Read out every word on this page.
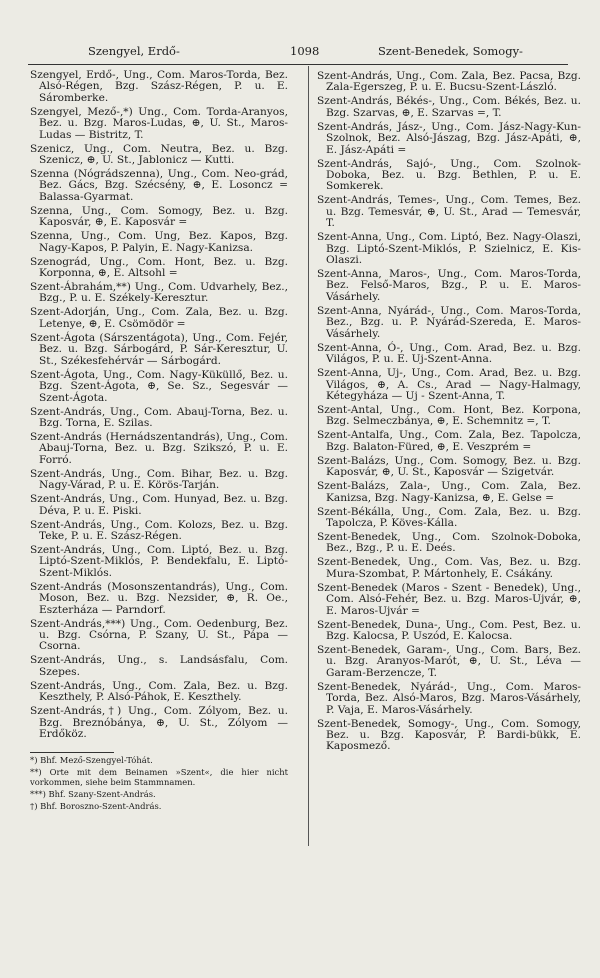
Szengyel, Erdő-	1098	Szent-Benedek, Somogy-

Szengyel, Erdő-, Ung., Com. Maros-Torda, Bez. Alsó-Régen, Bzg. Szász-Régen, P. u. E. Sáromberke.

Szengyel, Mező-,*) Ung., Com. Torda-Aranyos, Bez. u. Bzg. Maros-Ludas, ⊕, U. St., Maros-Ludas — Bistritz, T.

Szenicz, Ung., Com. Neutra, Bez. u. Bzg. Szenicz, ⊕, U. St., Jablonicz — Kutti.

Szenna (Nógrádszenna), Ung., Com. Neo-grád, Bez. Gács, Bzg. Szécsény, ⊕, E. Losoncz = Balassa-Gyarmat.

Szenna, Ung., Com. Somogy, Bez. u. Bzg. Kaposvár, ⊕, E. Kaposvár =

Szenna, Ung., Com. Ung, Bez. Kapos, Bzg. Nagy-Kapos, P. Palyin, E. Nagy-Kanizsa.

Szenográd, Ung., Com. Hont, Bez. u. Bzg. Korponna, ⊕, E. Altsohl =

Szent-Ábrahám,**) Ung., Com. Udvarhely, Bez., Bzg., P. u. E. Székely-Keresztur.

Szent-Adorján, Ung., Com. Zala, Bez. u. Bzg. Letenye, ⊕, E. Csömödör =

Szent-Ágota (Sárszentágota), Ung., Com. Fejér, Bez. u. Bzg. Sárbogárd, P. Sár-Keresztur, U. St., Székesfehérvár — Sárbogárd.

Szent-Ágota, Ung., Com. Nagy-Küküllő, Bez. u. Bzg. Szent-Ágota, ⊕, Se. Sz., Segesvár — Szent-Ágota.

Szent-András, Ung., Com. Abauj-Torna, Bez. u. Bzg. Torna, E. Szilas.

Szent-András (Hernádszentandrás), Ung., Com. Abauj-Torna, Bez. u. Bzg. Szikszó, P. u. E. Forró.

Szent-András, Ung., Com. Bihar, Bez. u. Bzg. Nagy-Várad, P. u. E. Körös-Tarján.

Szent-András, Ung., Com. Hunyad, Bez. u. Bzg. Déva, P. u. E. Piski.

Szent-András, Ung., Com. Kolozs, Bez. u. Bzg. Teke, P. u. E. Szász-Régen.

Szent-András, Ung., Com. Liptó, Bez. u. Bzg. Liptó-Szent-Miklós, P. Bendekfalu, E. Liptó-Szent-Miklós.

Szent-András (Mosonszentandrás), Ung., Com. Moson, Bez. u. Bzg. Nezsider, ⊕, R. Oe., Eszterháza — Parndorf.

Szent-András,***) Ung., Com. Oedenburg, Bez. u. Bzg. Csórna, P. Szany, U. St., Pápa — Csorna.

Szent-András, Ung., s. Landsásfalu, Com. Szepes.

Szent-András, Ung., Com. Zala, Bez. u. Bzg. Keszthely, P. Alsó-Páhok, E. Keszthely.

Szent-András,†) Ung., Com. Zólyom, Bez. u. Bzg. Breznóbánya, ⊕, U. St., Zólyom — Erdőköz.

*) Bhf. Mező-Szengyel-Tóhát.

**) Ortе mit dem Beinamen »Szent«, die hier nicht vorkommen, siehe beim Stammnamen.

***) Bhf. Szany-Szent-András.

†) Bhf. Boroszno-Szent-András.

Szent-András, Ung., Com. Zala, Bez. Pacsa, Bzg. Zala-Egerszeg, P. u. E. Bucsu-Szent-László.

Szent-András, Békés-, Ung., Com. Békés, Bez. u. Bzg. Szarvas, ⊕, E. Szarvas =, T.

Szent-András, Jász-, Ung., Com. Jász-Nagy-Kun-Szolnok, Bez. Alsó-Jászag, Bzg. Jász-Apáti, ⊕, E. Jász-Apáti =

Szent-András, Sajó-, Ung., Com. Szolnok-Doboka, Bez. u. Bzg. Bethlen, P. u. E. Somkerek.

Szent-András, Temes-, Ung., Com. Temes, Bez. u. Bzg. Temesvár, ⊕, U. St., Arad — Temesvár, T.

Szent-Anna, Ung., Com. Liptó, Bez. Nagy-Olaszi, Bzg. Liptó-Szent-Miklós, P. Szielnicz, E. Kis-Olaszi.

Szent-Anna, Maros-, Ung., Com. Maros-Torda, Bez. Felső-Maros, Bzg., P. u. E. Maros-Vásárhely.

Szent-Anna, Nyárád-, Ung., Com. Maros-Torda, Bez., Bzg. u. P. Nyárád-Szereda, E. Maros-Vásárhely.

Szent-Anna, Ó-, Ung., Com. Arad, Bez. u. Bzg. Világos, P. u. E. Uj-Szent-Anna.

Szent-Anna, Uj-, Ung., Com. Arad, Bez. u. Bzg. Világos, ⊕, A. Cs., Arad — Nagy-Halmagy, Kétegyháza — Uj - Szent-Anna, T.

Szent-Antal, Ung., Com. Hont, Bez. Korpona, Bzg. Selmeczbánya, ⊕, E. Schemnitz =, T.

Szent-Antalfa, Ung., Com. Zala, Bez. Tapolcza, Bzg. Balaton-Füred, ⊕, E. Veszprém =

Szent-Balázs, Ung., Com. Somogy, Bez. u. Bzg. Kaposvár, ⊕, U. St., Kaposvár — Szigetvár.

Szent-Balázs, Zala-, Ung., Com. Zala, Bez. Kanizsa, Bzg. Nagy-Kanizsa, ⊕, E. Gelse =

Szent-Békálla, Ung., Com. Zala, Bez. u. Bzg. Tapolcza, P. Köves-Kálla.

Szent-Benedek, Ung., Com. Szolnok-Doboka, Bez., Bzg., P. u. E. Deés.

Szent-Benedek, Ung., Com. Vas, Bez. u. Bzg. Mura-Szombat, P. Mártonhely, E. Csákány.

Szent-Benedek (Maros - Szent - Benedek), Ung., Com. Alsó-Fehér, Bez. u. Bzg. Maros-Ujvár, ⊕, E. Maros-Ujvár =

Szent-Benedek, Duna-, Ung., Com. Pest, Bez. u. Bzg. Kalocsa, P. Uszód, E. Kalocsa.

Szent-Benedek, Garam-, Ung., Com. Bars, Bez. u. Bzg. Aranyos-Marót, ⊕, U. St., Léva — Garam-Berzencze, T.

Szent-Benedek, Nyárád-, Ung., Com. Maros-Torda, Bez. Alsó-Maros, Bzg. Maros-Vásárhely, P. Vaja, E. Maros-Vásárhely.

Szent-Benedek, Somogy-, Ung., Com. Somogy, Bez. u. Bzg. Kaposvár, P. Bardi-bükk, E. Kaposmező.
